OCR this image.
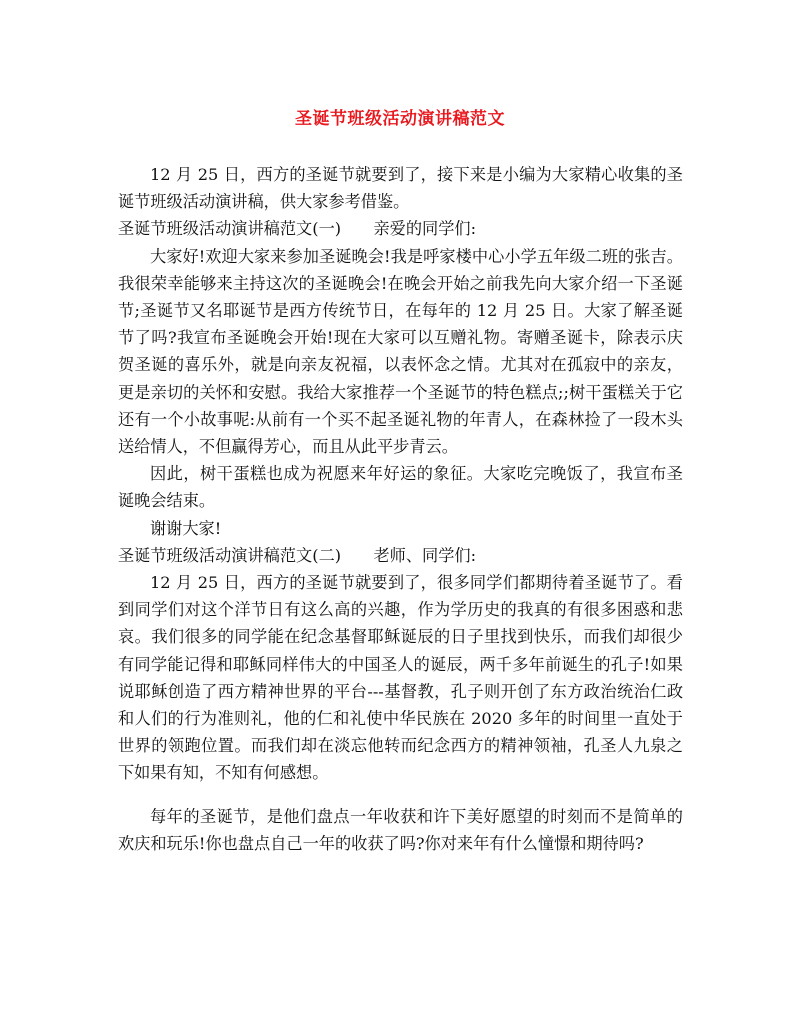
圣诞节班级活动演讲稿范文

12 月 25 日，西方的圣诞节就要到了，接下来是小编为大家精心收集的圣诞节班级活动演讲稿，供大家参考借鉴。

圣诞节班级活动演讲稿范文(一)　　亲爱的同学们:

大家好!欢迎大家来参加圣诞晚会!我是呼家楼中心小学五年级二班的张吉。我很荣幸能够来主持这次的圣诞晚会!在晚会开始之前我先向大家介绍一下圣诞节;圣诞节又名耶诞节是西方传统节日，在每年的 12 月 25 日。大家了解圣诞节了吗?我宣布圣诞晚会开始!现在大家可以互赠礼物。寄赠圣诞卡，除表示庆贺圣诞的喜乐外，就是向亲友祝福，以表怀念之情。尤其对在孤寂中的亲友，更是亲切的关怀和安慰。我给大家推荐一个圣诞节的特色糕点;;树干蛋糕关于它还有一个小故事呢:从前有一个买不起圣诞礼物的年青人，在森林捡了一段木头送给情人，不但赢得芳心，而且从此平步青云。

因此，树干蛋糕也成为祝愿来年好运的象征。大家吃完晚饭了，我宣布圣诞晚会结束。

谢谢大家!

圣诞节班级活动演讲稿范文(二)　　老师、同学们:

12 月 25 日，西方的圣诞节就要到了，很多同学们都期待着圣诞节了。看到同学们对这个洋节日有这么高的兴趣，作为学历史的我真的有很多困惑和悲哀。我们很多的同学能在纪念基督耶稣诞辰的日子里找到快乐，而我们却很少有同学能记得和耶稣同样伟大的中国圣人的诞辰，两千多年前诞生的孔子!如果说耶稣创造了西方精神世界的平台---基督教，孔子则开创了东方政治统治仁政和人们的行为准则礼，他的仁和礼使中华民族在 2020 多年的时间里一直处于世界的领跑位置。而我们却在淡忘他转而纪念西方的精神领袖，孔圣人九泉之下如果有知，不知有何感想。

每年的圣诞节，是他们盘点一年收获和许下美好愿望的时刻而不是简单的欢庆和玩乐!你也盘点自己一年的收获了吗?你对来年有什么憧憬和期待吗?
